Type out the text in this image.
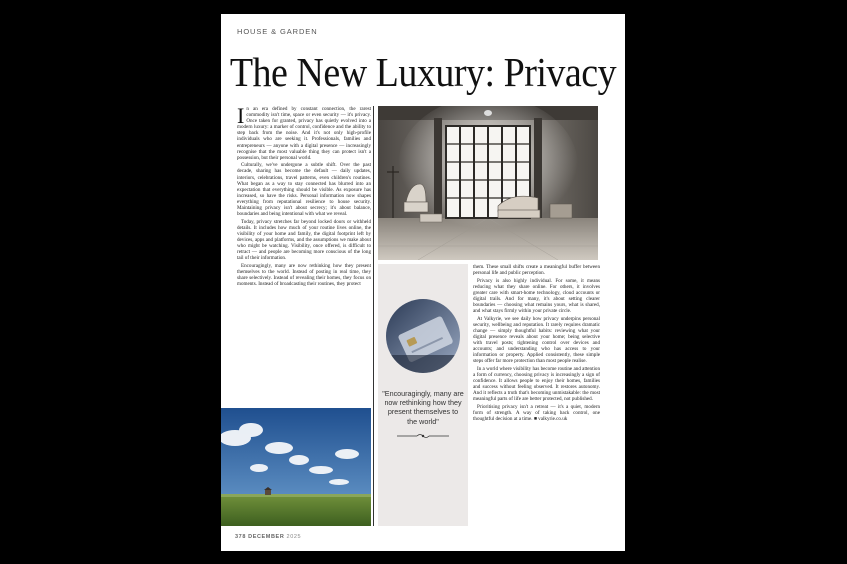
HOUSE & GARDEN
The New Luxury: Privacy

In an era defined by constant connection, the rarest commodity isn't time, space or even security — it's privacy. Once taken for granted, privacy has quietly evolved into a modern luxury: a marker of control, confidence and the ability to step back from the noise. And it's not only high-profile individuals who are seeking it. Professionals, families and entrepreneurs — anyone with a digital presence — increasingly recognise that the most valuable thing they can protect isn't a possession, but their personal world.

Culturally, we've undergone a subtle shift. Over the past decade, sharing has become the default — daily updates, interiors, celebrations, travel patterns, even children's routines. What began as a way to stay connected has blurred into an expectation that everything should be visible. As exposure has increased, so have the risks. Personal information now shapes everything from reputational resilience to house security. Maintaining privacy isn't about secrecy; it's about balance, boundaries and being intentional with what we reveal.

Today, privacy stretches far beyond locked doors or withheld details. It includes how much of your routine lives online, the visibility of your home and family, the digital footprint left by devices, apps and platforms, and the assumptions we make about who might be watching. Visibility, once offered, is difficult to retract — and people are becoming more conscious of the long tail of their information.

Encouragingly, many are now rethinking how they present themselves to the world. Instead of posting in real time, they share selectively. Instead of revealing their homes, they focus on moments. Instead of broadcasting their routines, they protect

"Encouragingly, many are now rethinking how they present themselves to the world"

them. These small shifts create a meaningful buffer between personal life and public perception.

Privacy is also highly individual. For some, it means reducing what they share online. For others, it involves greater care with smart-home technology, cloud accounts or digital trails. And for many, it's about setting clearer boundaries — choosing what remains yours, what is shared, and what stays firmly within your private circle.

At Valkyrie, we see daily how privacy underpins personal security, wellbeing and reputation. It rarely requires dramatic change — simply thoughtful habits: reviewing what your digital presence reveals about your home; being selective with travel posts; tightening control over devices and accounts; and understanding who has access to your information or property. Applied consistently, these simple steps offer far more protection than most people realise.

In a world where visibility has become routine and attention a form of currency, choosing privacy is increasingly a sign of confidence. It allows people to enjoy their homes, families and success without feeling observed. It restores autonomy. And it reflects a truth that's becoming unmistakable: the most meaningful parts of life are better protected, not published.

Prioritising privacy isn't a retreat — it's a quiet, modern form of strength. A way of taking back control, one thoughtful decision at a time. ■ valkyrie.co.uk

378 DECEMBER 2025
